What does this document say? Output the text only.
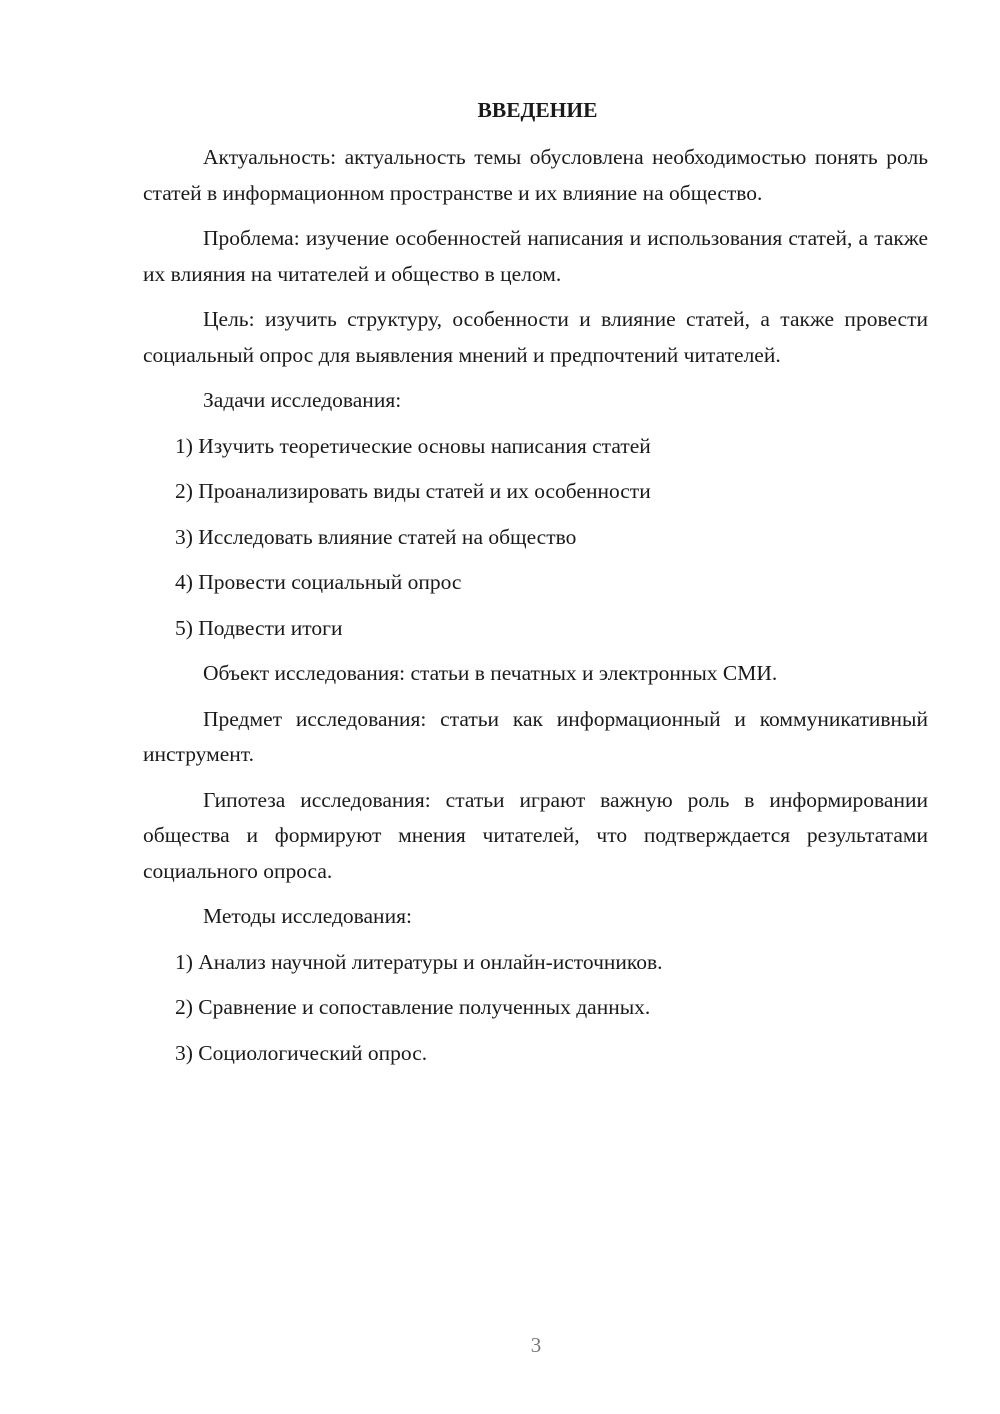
ВВЕДЕНИЕ

Актуальность: актуальность темы обусловлена необходимостью понять роль статей в информационном пространстве и их влияние на общество.

Проблема: изучение особенностей написания и использования статей, а также их влияния на читателей и общество в целом.

Цель: изучить структуру, особенности и влияние статей, а также провести социальный опрос для выявления мнений и предпочтений читателей.

Задачи исследования:

1) Изучить теоретические основы написания статей
2) Проанализировать виды статей и их особенности
3) Исследовать влияние статей на общество
4) Провести социальный опрос
5) Подвести итоги

Объект исследования: статьи в печатных и электронных СМИ.

Предмет исследования: статьи как информационный и коммуникативный инструмент.

Гипотеза исследования: статьи играют важную роль в информировании общества и формируют мнения читателей, что подтверждается результатами социального опроса.

Методы исследования:

1) Анализ научной литературы и онлайн-источников.
2) Сравнение и сопоставление полученных данных.
3) Социологический опрос.
3
